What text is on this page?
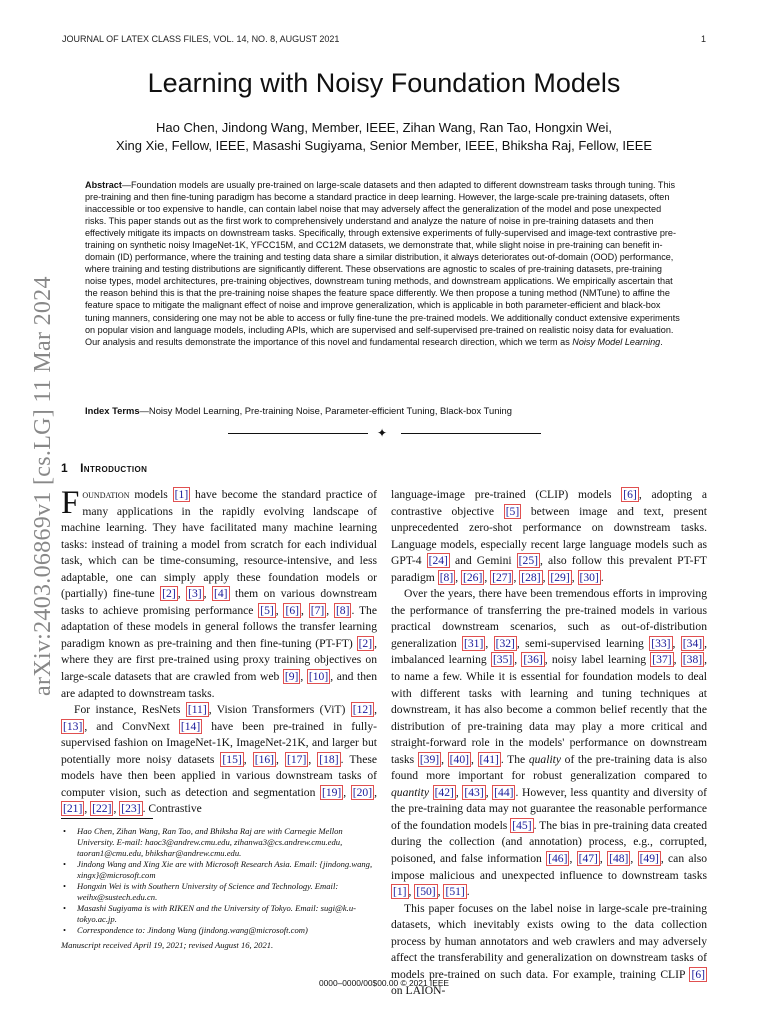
JOURNAL OF LATEX CLASS FILES, VOL. 14, NO. 8, AUGUST 2021	1
arXiv:2403.06869v1 [cs.LG] 11 Mar 2024
Learning with Noisy Foundation Models
Hao Chen, Jindong Wang, Member, IEEE, Zihan Wang, Ran Tao, Hongxin Wei,
Xing Xie, Fellow, IEEE, Masashi Sugiyama, Senior Member, IEEE, Bhiksha Raj, Fellow, IEEE
Abstract—Foundation models are usually pre-trained on large-scale datasets and then adapted to different downstream tasks through tuning. This pre-training and then fine-tuning paradigm has become a standard practice in deep learning. However, the large-scale pre-training datasets, often inaccessible or too expensive to handle, can contain label noise that may adversely affect the generalization of the model and pose unexpected risks. This paper stands out as the first work to comprehensively understand and analyze the nature of noise in pre-training datasets and then effectively mitigate its impacts on downstream tasks. Specifically, through extensive experiments of fully-supervised and image-text contrastive pre-training on synthetic noisy ImageNet-1K, YFCC15M, and CC12M datasets, we demonstrate that, while slight noise in pre-training can benefit in-domain (ID) performance, where the training and testing data share a similar distribution, it always deteriorates out-of-domain (OOD) performance, where training and testing distributions are significantly different. These observations are agnostic to scales of pre-training datasets, pre-training noise types, model architectures, pre-training objectives, downstream tuning methods, and downstream applications. We empirically ascertain that the reason behind this is that the pre-training noise shapes the feature space differently. We then propose a tuning method (NMTune) to affine the feature space to mitigate the malignant effect of noise and improve generalization, which is applicable in both parameter-efficient and black-box tuning manners, considering one may not be able to access or fully fine-tune the pre-trained models. We additionally conduct extensive experiments on popular vision and language models, including APIs, which are supervised and self-supervised pre-trained on realistic noisy data for evaluation. Our analysis and results demonstrate the importance of this novel and fundamental research direction, which we term as Noisy Model Learning.
Index Terms—Noisy Model Learning, Pre-training Noise, Parameter-efficient Tuning, Black-box Tuning
✦
1 Introduction

Foundation models [1] have become the standard practice of many applications in the rapidly evolving landscape of machine learning. They have facilitated many machine learning tasks: instead of training a model from scratch for each individual task, which can be time-consuming, resource-intensive, and less adaptable, one can simply apply these foundation models or (partially) fine-tune [2] , [3] , [4] them on various downstream tasks to achieve promising performance [5] , [6] , [7] , [8] . The adaptation of these models in general follows the transfer learning paradigm known as pre-training and then fine-tuning (PT-FT) [2] , where they are first pre-trained using proxy training objectives on large-scale datasets that are crawled from web [9] , [10] , and then are adapted to downstream tasks.

For instance, ResNets [11] , Vision Transformers (ViT) [12] , [13] , and ConvNext [14] have been pre-trained in fully-supervised fashion on ImageNet-1K, ImageNet-21K, and larger but potentially more noisy datasets [15] , [16] , [17] , [18] . These models have then been applied in various downstream tasks of computer vision, such as detection and segmentation [19] , [20] , [21] , [22] , [23] . Contrastive

language-image pre-trained (CLIP) models [6] , adopting a contrastive objective [5] between image and text, present unprecedented zero-shot performance on downstream tasks. Language models, especially recent large language models such as GPT-4 [24] and Gemini [25] , also follow this prevalent PT-FT paradigm [8] , [26] , [27] , [28] , [29] , [30] .

Over the years, there have been tremendous efforts in improving the performance of transferring the pre-trained models in various practical downstream scenarios, such as out-of-distribution generalization [31] , [32] , semi-supervised learning [33] , [34] , imbalanced learning [35] , [36] , noisy label learning [37] , [38] , to name a few. While it is essential for foundation models to deal with different tasks with learning and tuning techniques at downstream, it has also become a common belief recently that the distribution of pre-training data may play a more critical and straight-forward role in the models' performance on downstream tasks [39] , [40] , [41] . The quality of the pre-training data is also found more important for robust generalization compared to quantity [42] , [43] , [44] . However, less quantity and diversity of the pre-training data may not guarantee the reasonable performance of the foundation models [45] . The bias in pre-training data created during the collection (and annotation) process, e.g., corrupted, poisoned, and false information [46] , [47] , [48] , [49] , can also impose malicious and unexpected influence to downstream tasks [1] , [50] , [51] .

This paper focuses on the label noise in large-scale pre-training datasets, which inevitably exists owing to the data collection process by human annotators and web crawlers and may adversely affect the transferability and generalization on downstream tasks of models pre-trained on such data. For example, training CLIP [6] on LAION-

• Hao Chen, Zihan Wang, Ran Tao, and Bhiksha Raj are with Carnegie Mellon University. E-mail: haoc3@andrew.cmu.edu, zihanwa3@cs.andrew.cmu.edu, taoran1@cmu.edu, bhikshar@andrew.cmu.edu.
• Jindong Wang and Xing Xie are with Microsoft Research Asia. Email: {jindong.wang, xingx}@microsoft.com
• Hongxin Wei is with Southern University of Science and Technology. Email: weihx@sustech.edu.cn.
• Masashi Sugiyama is with RIKEN and the University of Tokyo. Email: sugi@k.u-tokyo.ac.jp.
• Correspondence to: Jindong Wang (jindong.wang@microsoft.com)
Manuscript received April 19, 2021; revised August 16, 2021.
0000–0000/00$00.00 © 2021 IEEE
